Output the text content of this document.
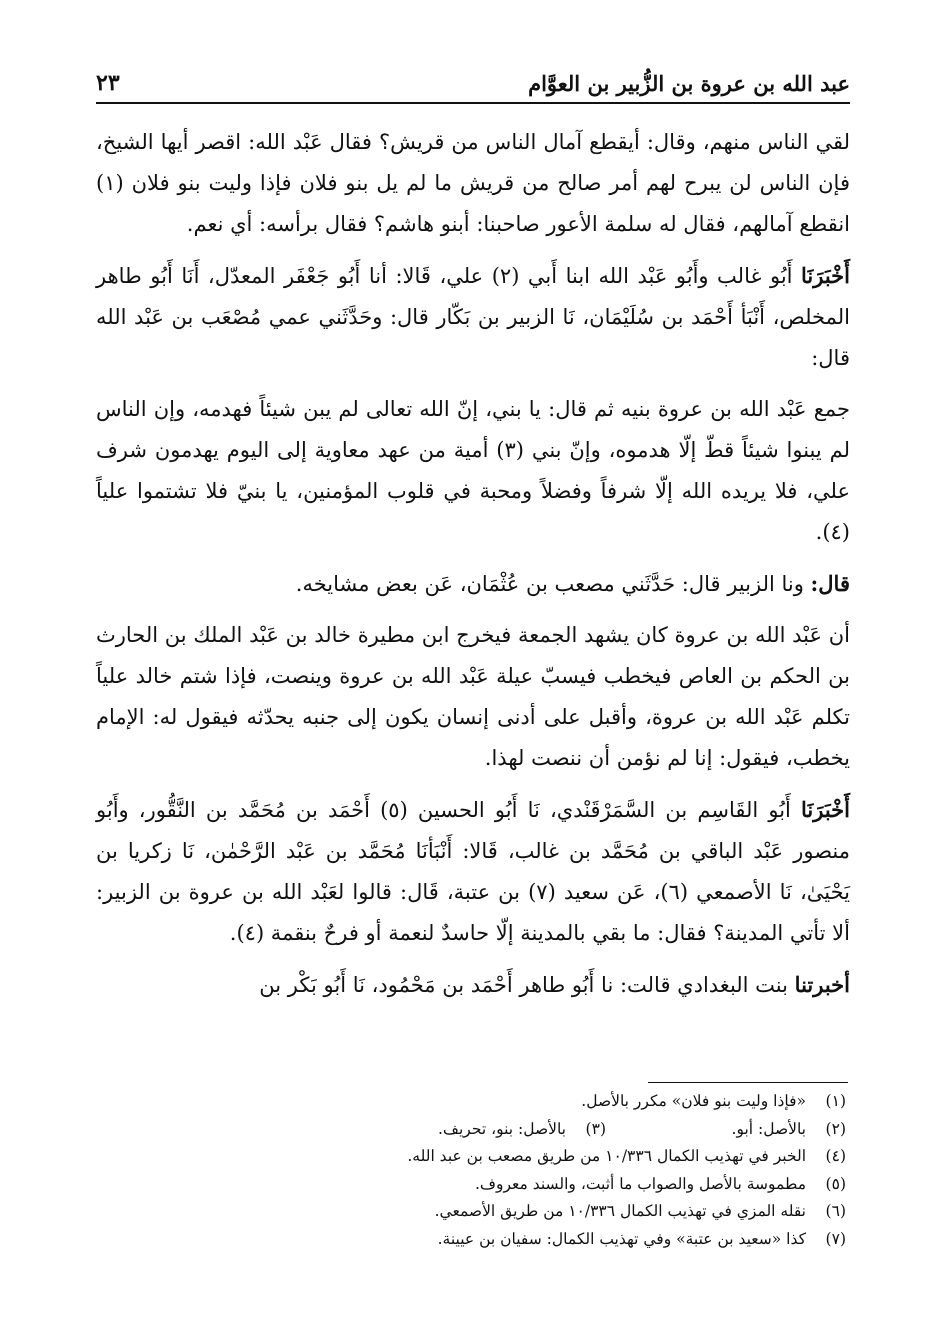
عبد الله بن عروة بن الزُّبير بن العوَّام
٢٣

لقي الناس منهم، وقال: أيقطع آمال الناس من قريش؟ فقال عَبْد الله: اقصر أيها الشيخ، فإن الناس لن يبرح لهم أمر صالح من قريش ما لم يل بنو فلان فإذا وليت بنو فلان (١) انقطع آمالهم، فقال له سلمة الأعور صاحبنا: أبنو هاشم؟ فقال برأسه: أي نعم.

أَخْبَرَنَا أَبُو غالب وأَبُو عَبْد الله ابنا أَبي (٢) علي، قَالا: أنا أَبُو جَعْفَر المعدّل، أَنَا أَبُو طاهر المخلص، أَنْبَأ أَحْمَد بن سُلَيْمَان، نَا الزبير بن بَكّار قال: وحَدَّثَني عمي مُصْعَب بن عَبْد الله قال:

جمع عَبْد الله بن عروة بنيه ثم قال: يا بني، إنّ الله تعالى لم يبن شيئاً فهدمه، وإن الناس لم يبنوا شيئاً قطّ إلّا هدموه، وإنّ بني (٣) أمية من عهد معاوية إلى اليوم يهدمون شرف علي، فلا يريده الله إلّا شرفاً وفضلاً ومحبة في قلوب المؤمنين، يا بنيّ فلا تشتموا علياً (٤).

قال: ونا الزبير قال: حَدَّثَني مصعب بن عُثْمَان، عَن بعض مشايخه.

أن عَبْد الله بن عروة كان يشهد الجمعة فيخرج ابن مطيرة خالد بن عَبْد الملك بن الحارث بن الحكم بن العاص فيخطب فيسبّ عيلة عَبْد الله بن عروة وينصت، فإذا شتم خالد علياً تكلم عَبْد الله بن عروة، وأقبل على أدنى إنسان يكون إلى جنبه يحدّثه فيقول له: الإمام يخطب، فيقول: إنا لم نؤمن أن ننصت لهذا.

أَخْبَرَنَا أَبُو القَاسِم بن السَّمَرْقَنْدي، نَا أَبُو الحسين (٥) أَحْمَد بن مُحَمَّد بن النَّقُّور، وأَبُو منصور عَبْد الباقي بن مُحَمَّد بن غالب، قَالا: أَنْبَأنَا مُحَمَّد بن عَبْد الرَّحْمٰن، نَا زكريا بن يَحْيَىٰ، نَا الأصمعي (٦)، عَن سعيد (٧) بن عتبة، قَال: قالوا لعَبْد الله بن عروة بن الزبير: ألا تأتي المدينة؟ فقال: ما بقي بالمدينة إلّا حاسدٌ لنعمة أو فرحٌ بنقمة (٤).

أخبرتنا بنت البغدادي قالت: نا أَبُو طاهر أَحْمَد بن مَحْمُود، نَا أَبُو بَكْر بن

(١)
«فإذا وليت بنو فلان» مكرر بالأصل.
(٢)
بالأصل: أبو.
(٣)
بالأصل: بنو، تحريف.
(٤)
الخبر في تهذيب الكمال ١٠/٣٣٦ من طريق مصعب بن عبد الله.
(٥)
مطموسة بالأصل والصواب ما أثبت، والسند معروف.
(٦)
نقله المزي في تهذيب الكمال ١٠/٣٣٦ من طريق الأصمعي.
(٧)
كذا «سعيد بن عتبة» وفي تهذيب الكمال: سفيان بن عيينة.
